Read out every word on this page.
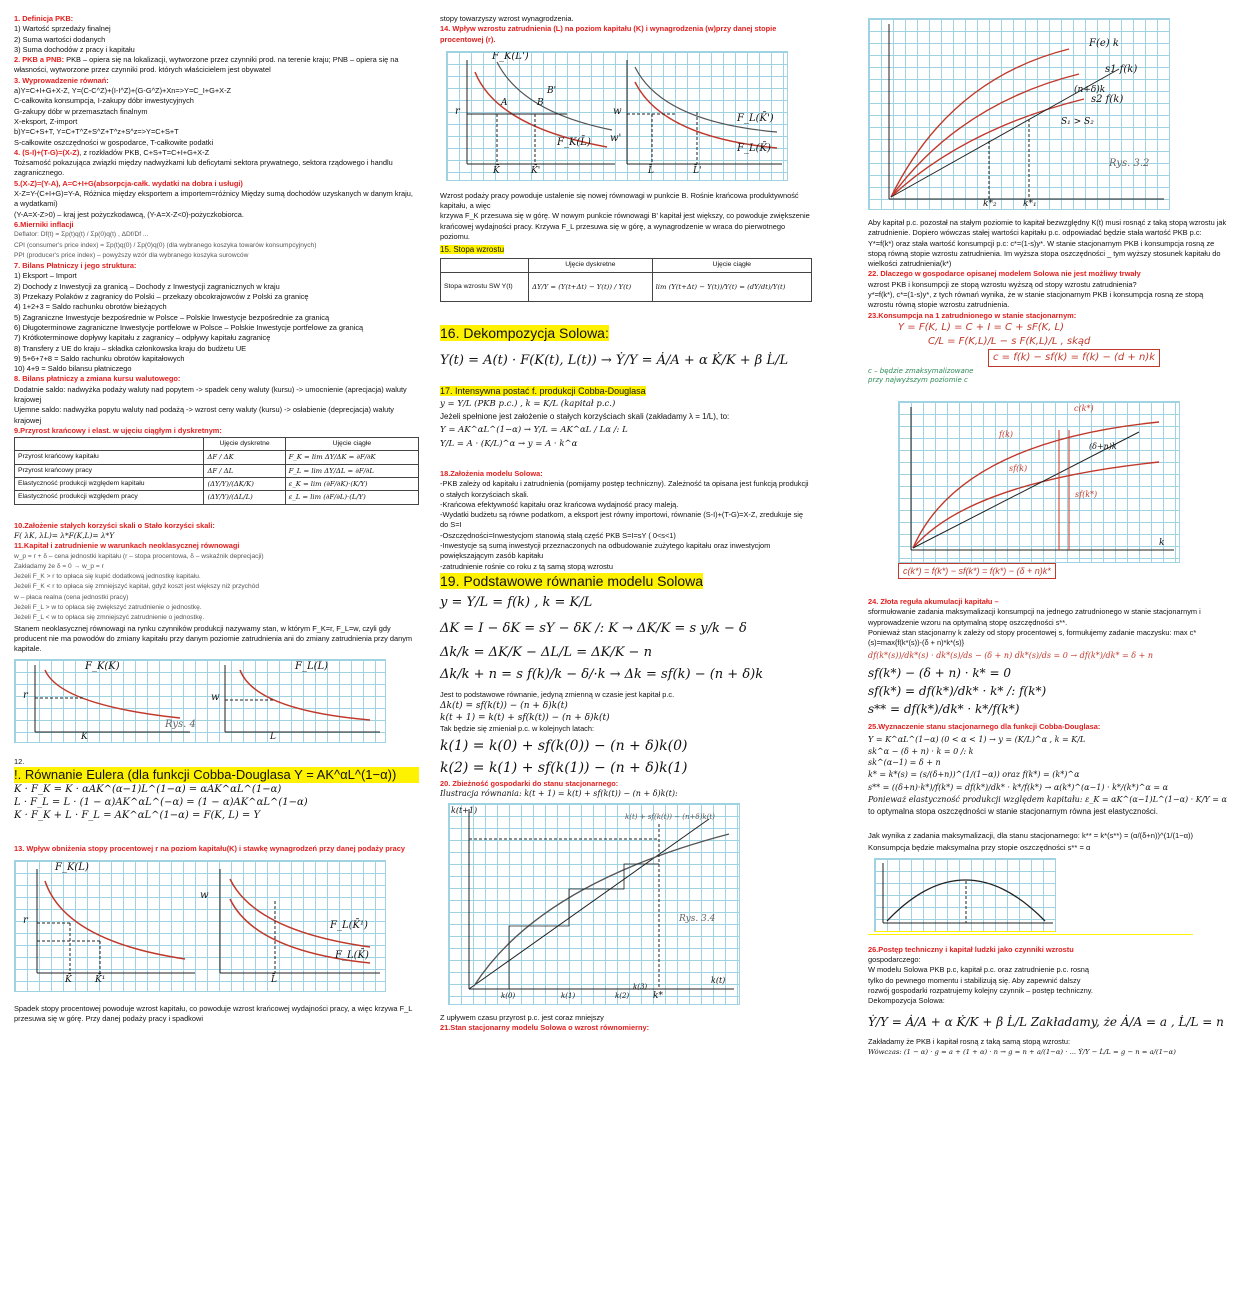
1. Definicja PKB:

1) Wartość sprzedaży finalnej

2) Suma wartości dodanych

3) Suma dochodów z pracy i kapitału

2. PKB a PNB: PKB – opiera się na lokalizacji, wytworzone przez czynniki prod. na terenie kraju; PNB – opiera się na własności, wytworzone przez czynniki prod. których właścicielem jest obywatel

3. Wyprowadzenie równań:

a)Y=C+I+G+X-Z, Y=(C-C^Z)+(I-I^Z)+(G-G^Z)+Xn=>Y=C_I+G+X-Z

C-całkowita konsumpcja, I-zakupy dóbr inwestycyjnych

G-zakupy dóbr w przemasztach finalnym

X-eksport, Z-import

b)Y=C+S+T, Y=C+T^Z+S^Z+T^z+S^z=>Y=C+S+T

S-całkowite oszczędności w gospodarce, T-całkowite podatki

4. (S-I)+(T-G)=(X-Z), z rozkładów PKB, C+S+T=C+I+G+X-Z

Tożsamość pokazująca związki między nadwyżkami lub deficytami sektora prywatnego, sektora rządowego i handlu zagranicznego.

5.(X-Z)=(Y-A), A=C+I+G(absorpcja-całk. wydatki na dobra i usługi)

X-Z=Y-(C+I+G)=Y-A, Różnica między eksportem a importem=różnicy Między sumą dochodów uzyskanych w danym kraju, a wydatkami)

(Y-A=X-Z>0) – kraj jest pożyczkodawcą, (Y-A=X-Z<0)-pożyczkobiorca.

6.Mierniki inflacji

Deflator: Df(t) = Σp(t)q(t) / Σp(0)q(t) , ΔDf/Df ...

CPI (consumer's price index) = Σp(t)q(0) / Σp(0)q(0) (dla wybranego koszyka towarów konsumpcyjnych)

PPI (producer's price index) – powyższy wzór dla wybranego koszyka surowców

7. Bilans Płatniczy i jego struktura:

1) Eksport – Import

2) Dochody z Inwestycji za granicą – Dochody z Inwestycji zagranicznych w kraju

3) Przekazy Polaków z zagranicy do Polski – przekazy obcokrajowców z Polski za granicę

4) 1+2+3 = Saldo rachunku obrotów bieżących

5) Zagraniczne Inwestycje bezpośrednie w Polsce – Polskie Inwestycje bezpośrednie za granicą

6) Długoterminowe zagraniczne Inwestycje portfelowe w Polsce – Polskie Inwestycje portfelowe za granicą

7) Krótkoterminowe dopływy kapitału z zagranicy – odpływy kapitału zagranicę

8) Transfery z UE do kraju – składka członkowska kraju do budżetu UE

9) 5+6+7+8 = Saldo rachunku obrotów kapitałowych

10) 4+9 = Saldo bilansu płatniczego

8. Bilans płatniczy a zmiana kursu walutowego:

Dodatnie saldo: nadwyżka podaży waluty nad popytem -> spadek ceny waluty (kursu) -> umocnienie (aprecjacja) waluty krajowej

Ujemne saldo: nadwyżka popytu waluty nad podażą -> wzrost ceny waluty (kursu) -> osłabienie (deprecjacja) waluty krajowej

9.Przyrost krańcowy i elast. w ujęciu ciągłym i dyskretnym:

	Ujęcie dyskretne	Ujęcie ciągłe
Przyrost krańcowy kapitału	ΔF / ΔK	F_K = lim ΔY/ΔK = ∂F/∂K
Przyrost krańcowy pracy	ΔF / ΔL	F_L = lim ΔY/ΔL = ∂F/∂L
Elastyczność produkcji względem kapitału	(ΔY/Y)/(ΔK/K)	ε_K = lim (∂F/∂K)·(K/Y)
Elastyczność produkcji względem pracy	(ΔY/Y)/(ΔL/L)	ε_L = lim (∂F/∂L)·(L/Y)

10.Założenie stałych korzyści skali o Stało korzyści skali:

F( λK, λL)= λ*F(K,L)= λ*Y

11.Kapitał i zatrudnienie w warunkach neoklasycznej równowagi

w_p = r + δ – cena jednostki kapitału (r – stopa procentowa, δ – wskaźnik deprecjacji)

Zakładamy że δ = 0 → w_p = r

Jeżeli F_K > r to opłaca się kupić dodatkową jednostkę kapitału.

Jeżeli F_K < r to opłaca się zmniejszyć kapitał, gdyż koszt jest większy niż przychód

w – płaca realna (cena jednostki pracy)

Jeżeli F_L > w to opłaca się zwiększyć zatrudnienie o jednostkę.

Jeżeli F_L < w to opłaca się zmniejszyć zatrudnienie o jednostkę.

Stanem neoklasycznej równowagi na rynku czynników produkcji nazywamy stan, w którym F_K=r, F_L=w, czyli gdy producent nie ma powodów do zmiany kapitału przy danym poziomie zatrudnienia ani do zmiany zatrudnienia przy danym kapitale.

F_K(K̄)	F_L(L̄)
r	w
K	L
Rys. 4

12.

!. Równanie Eulera (dla funkcji Cobba-Douglasa Y = AK^αL^(1−α))

K · F_K = K · αAK^(α−1)L^(1−α) = αAK^αL^(1−α)

L · F_L = L · (1 − α)AK^αL^(−α) = (1 − α)AK^αL^(1−α)

K · F_K + L · F_L = AK^αL^(1−α) = F(K, L) = Y

13. Wpływ obniżenia stopy procentowej r na poziom kapitału(K) i stawkę wynagrodzeń przy danej podaży pracy

F_K(L̄)
F_L(K̄¹)
F_L(K̄)
r
w
K̄	K̄¹	L̄

Spadek stopy procentowej powoduje wzrost kapitału, co powoduje wzrost krańcowej wydajności pracy, a więc krzywa F_L przesuwa się w górę. Przy danej podaży pracy i spadkowi

stopy towarzyszy wzrost wynagrodzenia.

14. Wpływ wzrostu zatrudnienia (L) na poziom kapitału (K) i wynagrodzenia (w)przy danej stopie procentowej (r).

F_K(L̄')
F_K(L̄)
F_L(K̄')
F_L(K̄)
r	w
w'
A	B
B'
K̄	K̄'	L̄	L̄'

Wzrost podaży pracy powoduje ustalenie się nowej równowagi w punkcie B. Rośnie krańcowa produktywność kapitału, a więc

krzywa F_K przesuwa się w górę. W nowym punkcie równowagi B' kapitał jest większy, co powoduje zwiększenie

krańcowej wydajności pracy. Krzywa F_L przesuwa się w górę, a wynagrodzenie w wraca do pierwotnego poziomu.

15. Stopa wzrostu

	Ujęcie dyskretne	Ujęcie ciągłe
Stopa wzrostu SW Y(t)	ΔY/Y = (Y(t+Δt) − Y(t)) / Y(t)	lim (Y(t+Δt) − Y(t))/Y(t) = (dY/dt)/Y(t)

16. Dekompozycja Solowa:

Y(t) = A(t) · F(K(t), L(t)) → Ẏ/Y = Ȧ/A + α K̇/K + β L̇/L

17. Intensywna postać f. produkcji Cobba-Douglasa

y = Y/L (PKB p.c.) , k = K/L (kapitał p.c.)

Jeżeli spełnione jest założenie o stałych korzyściach skali (zakładamy λ = 1/L), to:

Y = AK^αL^(1−α) → Y/L = AK^αL / Lα /: L

Y/L = A · (K/L)^α → y = A · k^α

18.Założenia modelu Solowa:

-PKB zależy od kapitału i zatrudnienia (pomijamy postęp techniczny). Zależność ta opisana jest funkcją produkcji o stałych korzyściach skali.

-Krańcowa efektywność kapitału oraz krańcowa wydajność pracy maleją.

-Wydatki budżetu są równe podatkom, a eksport jest równy importowi, równanie (S-I)+(T-G)=X-Z, zredukuje się do S=I

-Oszczędności=Inwestycjom stanowią stałą część PKB S=I=sY ( 0<s<1)

-Inwestycje są sumą inwestycji przeznaczonych na odbudowanie zużytego kapitału oraz inwestycjom

powiększającym zasób kapitału

-zatrudnienie rośnie co roku z tą samą stopą wzrostu

19. Podstawowe równanie modelu Solowa

y = Y/L = f(k) , k = K/L

ΔK = I − δK = sY − δK /: K → ΔK/K = s y/k − δ

Δk/k = ΔK/K − ΔL/L = ΔK/K − n

Δk/k + n = s f(k)/k − δ/·k → Δk = sf(k) − (n + δ)k

Jest to podstawowe równanie, jedyną zmienną w czasie jest kapitał p.c.

Δk(t) = sf(k(t)) − (n + δ)k(t)

k(t + 1) = k(t) + sf(k(t)) − (n + δ)k(t)

Tak będzie się zmieniał p.c. w kolejnych latach:

k(1) = k(0) + sf(k(0)) − (n + δ)k(0)

k(2) = k(1) + sf(k(1)) − (n + δ)k(1)

20. Zbieżność gospodarki do stanu stacjonarnego:

Ilustracja równania: k(t + 1) = k(t) + sf(k(t)) − (n + δ)k(t):

k(t+1)
k(t)
k*
k(t) + sf(k(t)) − (n+δ)k(t)
Rys. 3.4
k(0)	k(1)	k(2)
k(3)

Z upływem czasu przyrost p.c. jest coraz mniejszy

21.Stan stacjonarny modelu Solowa o wzrost równomierny:

F(e) k
s1 f(k)
s2 f(k)
(n+δ)k
S₁ > S₂
k*₂	k*₁
Rys. 3.2

Aby kapitał p.c. pozostał na stałym poziomie to kapitał bezwzględny K(t) musi rosnąć z taką stopą wzrostu jak zatrudnienie. Dopiero wówczas stałej wartości kapitału p.c. odpowiadać będzie stała wartość PKB p.c: Y*=f(k*) oraz stała wartość konsumpcji p.c: c*=(1-s)y*. W stanie stacjonarnym PKB i konsumpcja rosną ze stopą równą stopie wzrostu zatrudnienia. Im wyższa stopa oszczędności _ tym wyższy stosunek kapitału do wielkości zatrudnienia(k*)

22. Dlaczego w gospodarce opisanej modelem Solowa nie jest możliwy trwały

wzrost PKB i konsumpcji ze stopą wzrostu wyższą od stopy wzrostu zatrudnienia?

y*=f(k*), c*=(1-s)y*, z tych równań wynika, że w stanie stacjonarnym PKB i konsumpcja rosną ze stopą wzrostu równą stopie wzrostu zatrudnienia.

23.Konsumpcja na 1 zatrudnionego w stanie stacjonarnym:

Y = F(K, L) = C + I = C + sF(K, L)

C/L = F(K,L)/L − s F(K,L)/L , skąd

c = f(k) − sf(k) = f(k) − (d + n)k

c – będzie zmaksymalizowane przy najwyższym poziomie c

c(k*)
f(k)
sf(k)
(δ+n)k
sf(k*)
k

c(k*) = f(k*) − sf(k*) = f(k*) − (δ + n)k*

24. Złota reguła akumulacji kapitału –

sformułowanie zadania maksymalizacji konsumpcji na jednego zatrudnionego w stanie stacjonarnym i wyprowadzenie wzoru na optymalną stopę oszczędności s**.

Ponieważ stan stacjonarny k zależy od stopy procentowej s, formułujemy zadanie maczysku: max c*(s)=max{f(k*(s))-(δ + n)*k*(s)}

df(k*(s))/dk*(s) · dk*(s)/ds − (δ + n) dk*(s)/ds = 0 → df(k*)/dk* = δ + n

sf(k*) − (δ + n) · k* = 0

sf(k*) = df(k*)/dk* · k* /: f(k*)

s** = df(k*)/dk* · k*/f(k*)

25.Wyznaczenie stanu stacjonarnego dla funkcji Cobba-Douglasa:

Y = K^αL^(1−α) (0 < α < 1) → y = (K/L)^α , k = K/L

sk^α − (δ + n) · k = 0 /: k

sk^(α−1) = δ + n

k* = k*(s) = (s/(δ+n))^(1/(1−α)) oraz f(k*) = (k*)^α

s** = ((δ+n)·k*)/f(k*) = df(k*)/dk* · k*/f(k*) → α(k*)^(α−1) · k*/(k*)^α = α

Ponieważ elastyczność produkcji względem kapitału: ε_K = αK^(α−1)L^(1−α) · K/Y = α

to optymalna stopa oszczędności w stanie stacjonarnym równa jest elastyczności.

Jak wynika z zadania maksymalizacji, dla stanu stacjonarnego: k** = k*(s**) = (α/(δ+n))^(1/(1−α))

Konsumpcja będzie maksymalna przy stopie oszczędności s** = α

26.Postęp techniczny i kapitał ludzki jako czynniki wzrostu

gospodarczego:

W modelu Solowa PKB p.c, kapitał p.c. oraz zatrudnienie p.c. rosną

tylko do pewnego momentu i stabilizują się. Aby zapewnić dalszy

rozwój gospodarki rozpatrujemy kolejny czynnik – postęp techniczny.

Dekompozycja Solowa:

Ẏ/Y = Ȧ/A + α K̇/K + β L̇/L Zakładamy, że Ȧ/A = a , L̇/L = n

Zakładamy że PKB i kapitał rosną z taką samą stopą wzrostu:

Wówczas: (1 − α) · g = a + (1 + α) · n → g = n + a/(1−α) · ... Ẏ/Y − L̇/L = g − n = a/(1−α)
